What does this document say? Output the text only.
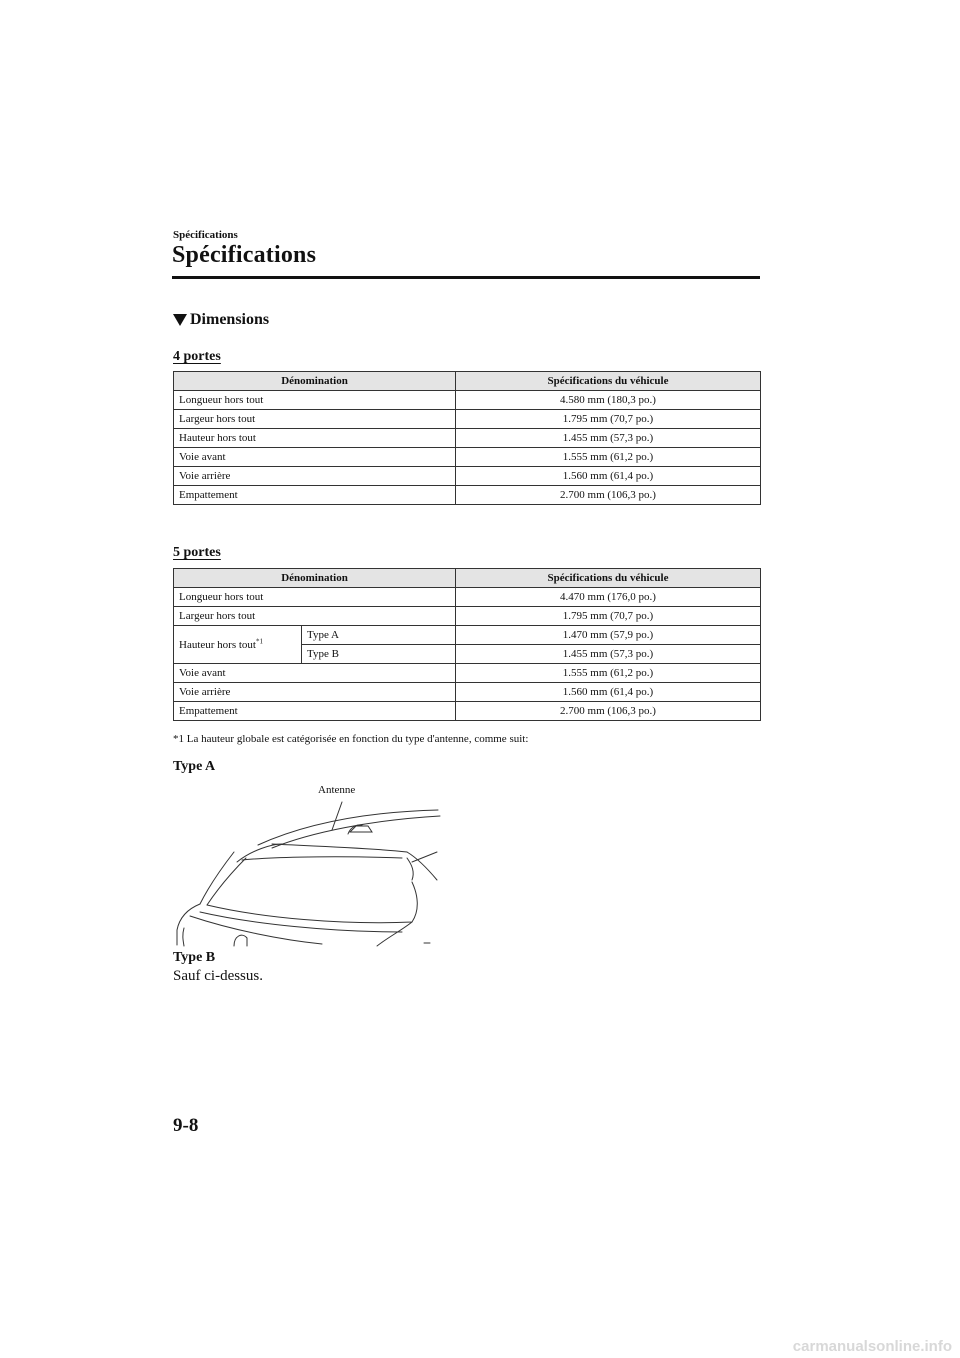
Spécifications
Spécifications
Dimensions
4 portes
Dénomination	Spécifications du véhicule
Longueur hors tout	4.580 mm (180,3 po.)
Largeur hors tout	1.795 mm (70,7 po.)
Hauteur hors tout	1.455 mm (57,3 po.)
Voie avant	1.555 mm (61,2 po.)
Voie arrière	1.560 mm (61,4 po.)
Empattement	2.700 mm (106,3 po.)
5 portes
Dénomination		Spécifications du véhicule
Longueur hors tout		4.470 mm (176,0 po.)
Largeur hors tout		1.795 mm (70,7 po.)
Hauteur hors tout$^{*1}$	Type A	1.470 mm (57,9 po.)
	Type B	1.455 mm (57,3 po.)
Voie avant		1.555 mm (61,2 po.)
Voie arrière		1.560 mm (61,4 po.)
Empattement		2.700 mm (106,3 po.)
*1 La hauteur globale est catégorisée en fonction du type d'antenne, comme suit:
Type A
Antenne
Type B
Sauf ci-dessus.
9-8
carmanualsonline.info
